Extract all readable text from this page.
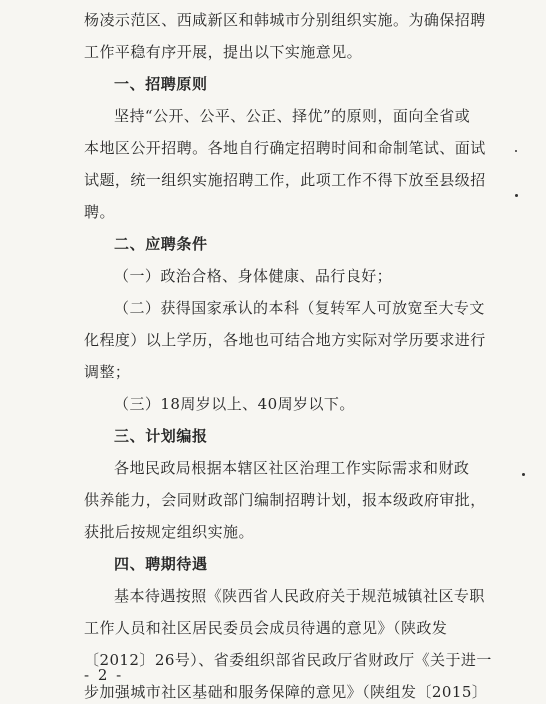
杨凌示范区、西咸新区和韩城市分别组织实施。为确保招聘
工作平稳有序开展，提出以下实施意见。
一、招聘原则
坚持“公开、公平、公正、择优”的原则，面向全省或
本地区公开招聘。各地自行确定招聘时间和命制笔试、面试
试题，统一组织实施招聘工作，此项工作不得下放至县级招
聘。
二、应聘条件
（一）政治合格、身体健康、品行良好；
（二）获得国家承认的本科（复转军人可放宽至大专文
化程度）以上学历，各地也可结合地方实际对学历要求进行
调整；
（三）18周岁以上、40周岁以下。
三、计划编报
各地民政局根据本辖区社区治理工作实际需求和财政
供养能力，会同财政部门编制招聘计划，报本级政府审批，
获批后按规定组织实施。
四、聘期待遇
基本待遇按照《陕西省人民政府关于规范城镇社区专职
工作人员和社区居民委员会成员待遇的意见》（陕政发
〔2012〕26号）、省委组织部省民政厅省财政厅《关于进一
步加强城市社区基础和服务保障的意见》（陕组发〔2015〕
- 2 -
